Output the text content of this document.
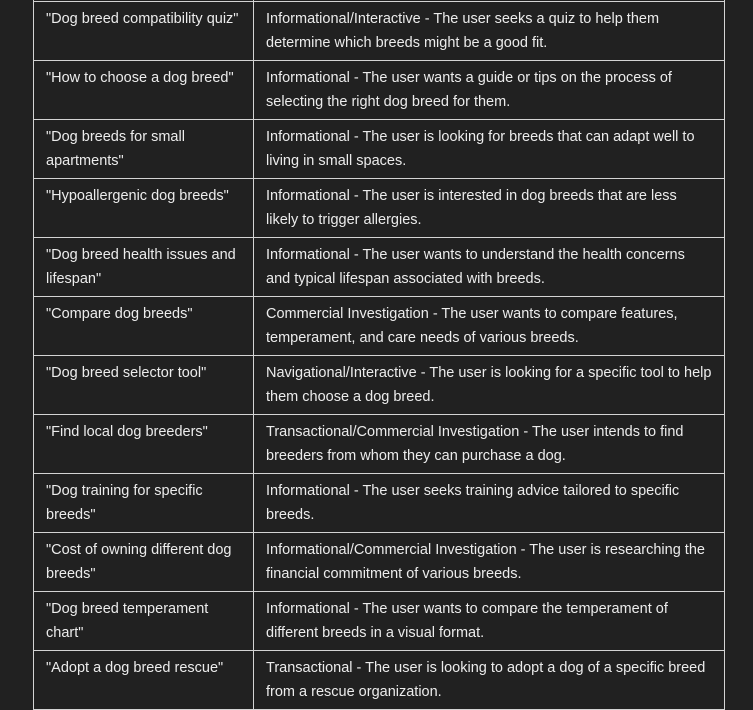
"Dog breed compatibility quiz"	Informational/Interactive - The user seeks a quiz to help them determine which breeds might be a good fit.
"How to choose a dog breed"	Informational - The user wants a guide or tips on the process of selecting the right dog breed for them.
"Dog breeds for small apartments"	Informational - The user is looking for breeds that can adapt well to living in small spaces.
"Hypoallergenic dog breeds"	Informational - The user is interested in dog breeds that are less likely to trigger allergies.
"Dog breed health issues and lifespan"	Informational - The user wants to understand the health concerns and typical lifespan associated with breeds.
"Compare dog breeds"	Commercial Investigation - The user wants to compare features, temperament, and care needs of various breeds.
"Dog breed selector tool"	Navigational/Interactive - The user is looking for a specific tool to help them choose a dog breed.
"Find local dog breeders"	Transactional/Commercial Investigation - The user intends to find breeders from whom they can purchase a dog.
"Dog training for specific breeds"	Informational - The user seeks training advice tailored to specific breeds.
"Cost of owning different dog breeds"	Informational/Commercial Investigation - The user is researching the financial commitment of various breeds.
"Dog breed temperament chart"	Informational - The user wants to compare the temperament of different breeds in a visual format.
"Adopt a dog breed rescue"	Transactional - The user is looking to adopt a dog of a specific breed from a rescue organization.
